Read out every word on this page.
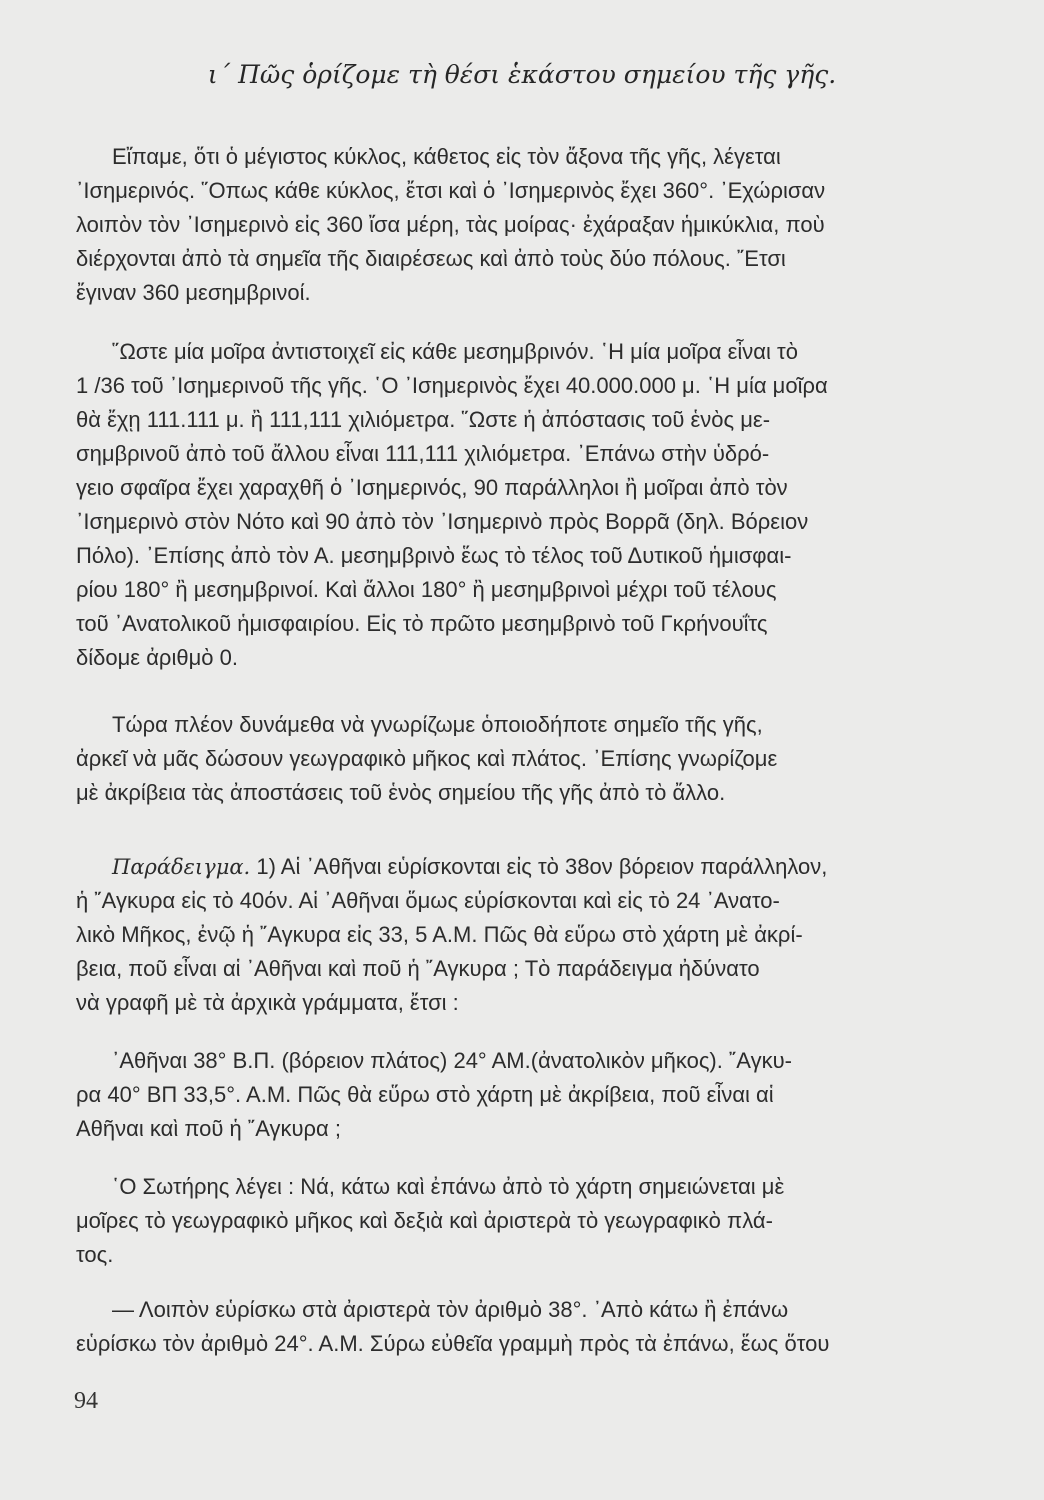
ι΄ Πῶς ὁρίζομε τὴ θέσι ἑκάστου σημείου τῆς γῆς.

Εἴπαμε, ὅτι ὁ μέγιστος κύκλος, κάθετος εἰς τὸν ἄξονα τῆς γῆς, λέγεται
᾿Ισημερινός. ῞Οπως κάθε κύκλος, ἔτσι καὶ ὁ ᾿Ισημερινὸς ἔχει 360°. ᾿Εχώρισαν
λοιπὸν τὸν ᾿Ισημερινὸ εἰς 360 ἴσα μέρη, τὰς μοίρας· ἐχάραξαν ἡμικύκλια, ποὺ
διέρχονται ἀπὸ τὰ σημεῖα τῆς διαιρέσεως καὶ ἀπὸ τοὺς δύο πόλους. ῎Ετσι
ἔγιναν 360 μεσημβρινοί.

῞Ωστε μία μοῖρα ἀντιστοιχεῖ εἰς κάθε μεσημβρινόν. ῾Η μία μοῖρα εἶναι τὸ
1 /36 τοῦ ᾿Ισημερινοῦ τῆς γῆς. ῾Ο ᾿Ισημερινὸς ἔχει 40.000.000 μ. ῾Η μία μοῖρα
θὰ ἔχῃ 111.111 μ. ἢ 111,111 χιλιόμετρα. ῞Ωστε ἡ ἀπόστασις τοῦ ἑνὸς με-
σημβρινοῦ ἀπὸ τοῦ ἄλλου εἶναι 111,111 χιλιόμετρα. ᾿Επάνω στὴν ὑδρό-
γειο σφαῖρα ἔχει χαραχθῆ ὁ ᾿Ισημερινός, 90 παράλληλοι ἢ μοῖραι ἀπὸ τὸν
᾿Ισημερινὸ στὸν Νότο καὶ 90 ἀπὸ τὸν ᾿Ισημερινὸ πρὸς Βορρᾶ (δηλ. Βόρειον
Πόλο). ᾿Επίσης ἀπὸ τὸν Α. μεσημβρινὸ ἕως τὸ τέλος τοῦ Δυτικοῦ ἡμισφαι-
ρίου 180° ἢ μεσημβρινοί. Καὶ ἄλλοι 180° ἢ μεσημβρινοὶ μέχρι τοῦ τέλους
τοῦ ᾿Ανατολικοῦ ἡμισφαιρίου. Εἰς τὸ πρῶτο μεσημβρινὸ τοῦ Γκρήνουΐτς
δίδομε ἀριθμὸ 0.

Τώρα πλέον δυνάμεθα νὰ γνωρίζωμε ὁποιοδήποτε σημεῖο τῆς γῆς,
ἀρκεῖ νὰ μᾶς δώσουν γεωγραφικὸ μῆκος καὶ πλάτος. ᾿Επίσης γνωρίζομε
μὲ ἀκρίβεια τὰς ἀποστάσεις τοῦ ἑνὸς σημείου τῆς γῆς ἀπὸ τὸ ἄλλο.

Παράδειγμα. 1) Αἱ ᾿Αθῆναι εὑρίσκονται εἰς τὸ 38ον βόρειον παράλληλον,
ἡ ῎Αγκυρα εἰς τὸ 40όν. Αἱ ᾿Αθῆναι ὅμως εὑρίσκονται καὶ εἰς τὸ 24 ᾿Ανατο-
λικὸ Μῆκος, ἐνῷ ἡ ῎Αγκυρα εἰς 33, 5 Α.Μ. Πῶς θὰ εὕρω στὸ χάρτη μὲ ἀκρί-
βεια, ποῦ εἶναι αἱ ᾿Αθῆναι καὶ ποῦ ἡ ῎Αγκυρα ; Τὸ παράδειγμα ἠδύνατο
νὰ γραφῆ μὲ τὰ ἀρχικὰ γράμματα, ἔτσι :

᾿Αθῆναι 38° Β.Π. (βόρειον πλάτος) 24° ΑΜ.(ἀνατολικὸν μῆκος). ῎Αγκυ-
ρα 40° ΒΠ 33,5°. Α.Μ. Πῶς θὰ εὕρω στὸ χάρτη μὲ ἀκρίβεια, ποῦ εἶναι αἱ
Αθῆναι καὶ ποῦ ἡ ῎Αγκυρα ;

῾Ο Σωτήρης λέγει : Νά, κάτω καὶ ἐπάνω ἀπὸ τὸ χάρτη σημειώνεται μὲ
μοῖρες τὸ γεωγραφικὸ μῆκος καὶ δεξιὰ καὶ ἀριστερὰ τὸ γεωγραφικὸ πλά-
τος.

— Λοιπὸν εὑρίσκω στὰ ἀριστερὰ τὸν ἀριθμὸ 38°. ᾿Απὸ κάτω ἢ ἐπάνω
εὑρίσκω τὸν ἀριθμὸ 24°. Α.Μ. Σύρω εὐθεῖα γραμμὴ πρὸς τὰ ἐπάνω, ἕως ὅτου

94
